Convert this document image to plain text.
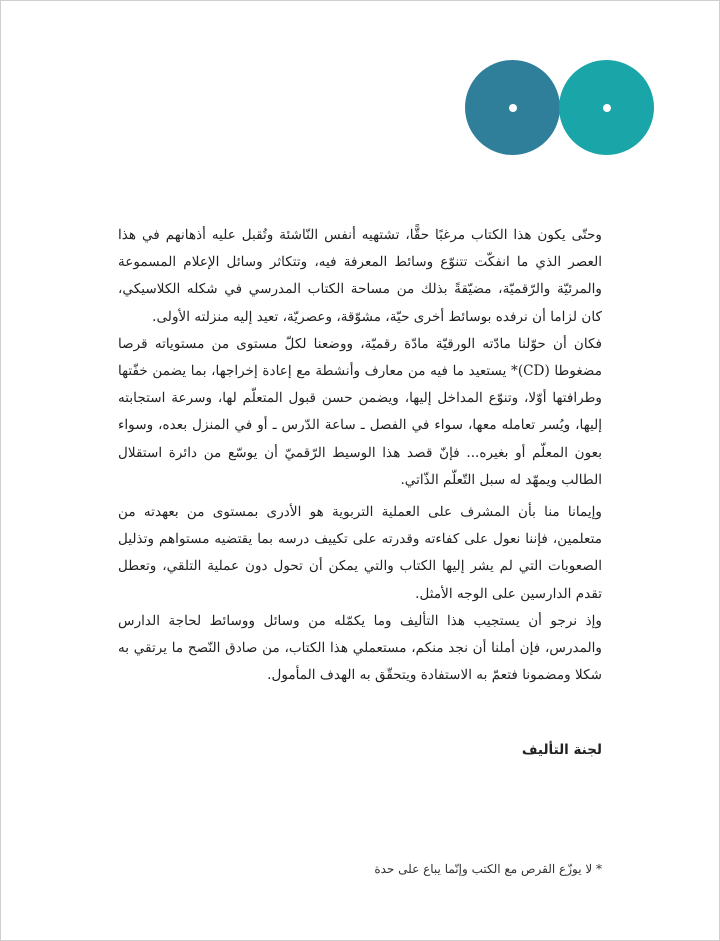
وحتّى يكون هذا الكتاب مرغبًا حقًّا، تشتهيه أنفس النّاشئة وتُقبل عليه أذهانهم في هذا العصر الذي ما انفكّت تتنوّع وسائط المعرفة فيه، وتتكاثر وسائل الإعلام المسموعة والمرئيّة والرّقميّة، مضيّقةً بذلك من مساحة الكتاب المدرسي في شكله الكلاسيكي، كان لزاما أن نرفده بوسائط أخرى حيّة، مشوّقة، وعصريّة، تعيد إليه منزلته الأولى.

فكان أن حوّلنا مادّته الورقيّة مادّة رقميّة، ووضعنا لكلّ مستوى من مستوياته قرصا مضغوطا (CD)* يستعيد ما فيه من معارف وأنشطة مع إعادة إخراجها، بما يضمن خفّتها وطرافتها أوّلا، وتنوّع المداخل إليها، ويضمن حسن قبول المتعلّم لها، وسرعة استجابته إليها، ويُسر تعامله معها، سواء في الفصل ـ ساعة الدّرس ـ أو في المنزل بعده، وسواء بعون المعلّم أو بغيره... فإنّ قصد هذا الوسيط الرّقميّ أن يوسّع من دائرة استقلال الطالب ويمهّد له سبل التّعلّم الذّاتي.

وإيمانا منا بأن المشرف على العملية التربوية هو الأدرى بمستوى من بعهدته من متعلمين، فإننا نعول على كفاءته وقدرته على تكييف درسه بما يقتضيه مستواهم وتذليل الصعوبات التي لم يشر إليها الكتاب والتي يمكن أن تحول دون عملية التلقي، وتعطل تقدم الدارسين على الوجه الأمثل.

وإذ نرجو أن يستجيب هذا التأليف وما يكمّله من وسائل ووسائط لحاجة الدارس والمدرس، فإن أملنا أن نجد منكم، مستعملي هذا الكتاب، من صادق النّصح ما يرتقي به شكلا ومضمونا فتعمّ به الاستفادة ويتحقّق به الهدف المأمول.

لجنة التأليف
* لا يوزّع القرص مع الكتب وإنّما يباع على حدة
